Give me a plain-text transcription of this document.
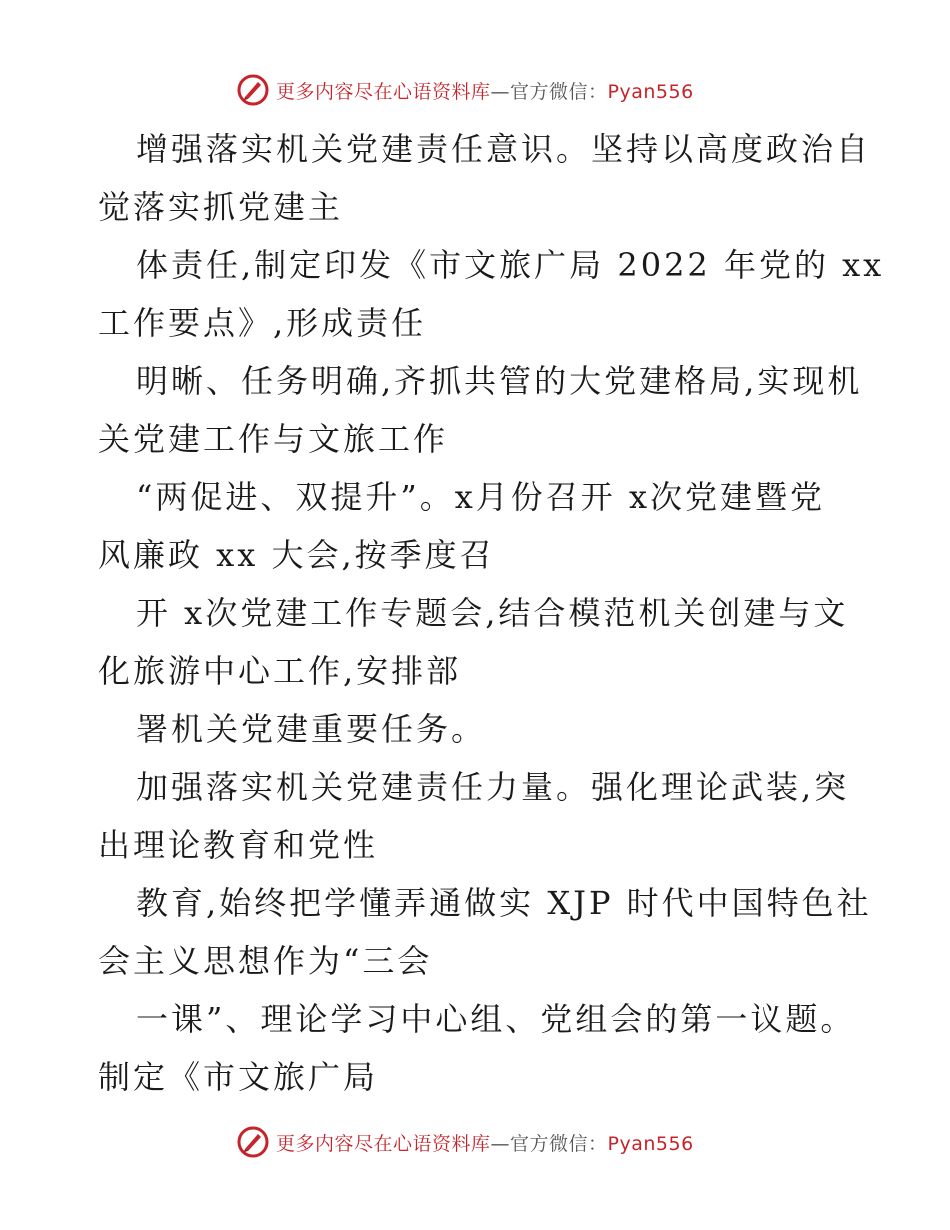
更多内容尽在心语资料库—官方微信：Pyan556
增强落实机关党建责任意识。坚持以高度政治自
觉落实抓党建主
体责任,制定印发《市文旅广局 2022 年党的 xx
工作要点》,形成责任
明晰、任务明确,齐抓共管的大党建格局,实现机
关党建工作与文旅工作
“两促进、双提升”。x月份召开 x次党建暨党
风廉政 xx 大会,按季度召
开 x次党建工作专题会,结合模范机关创建与文
化旅游中心工作,安排部
署机关党建重要任务。
加强落实机关党建责任力量。强化理论武装,突
出理论教育和党性
教育,始终把学懂弄通做实 XJP 时代中国特色社
会主义思想作为“三会
一课”、理论学习中心组、党组会的第一议题。
制定《市文旅广局
更多内容尽在心语资料库—官方微信：Pyan556
